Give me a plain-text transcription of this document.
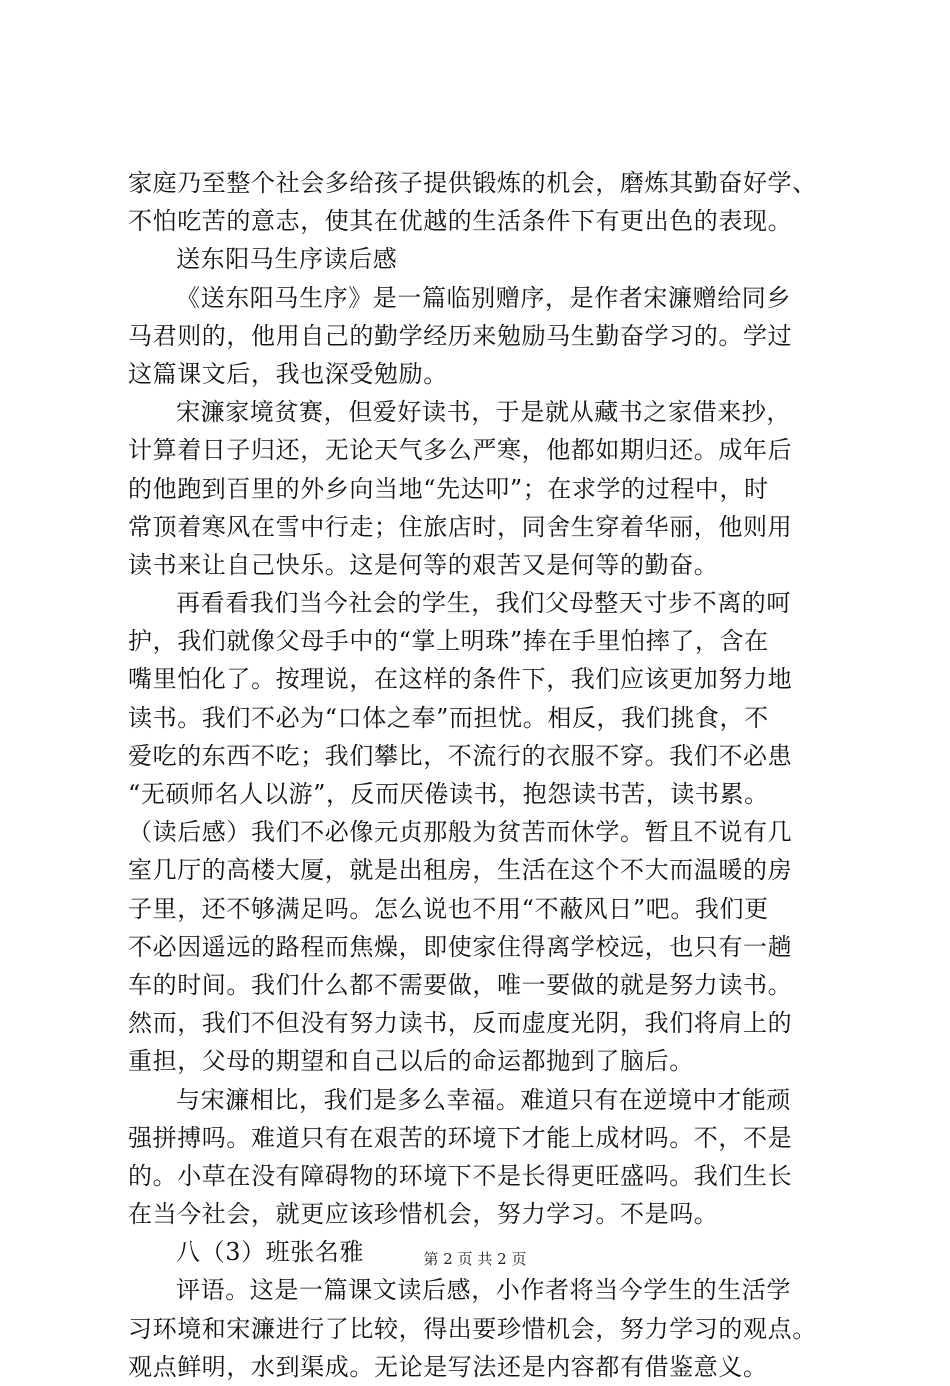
家庭乃至整个社会多给孩子提供锻炼的机会，磨炼其勤奋好学、
不怕吃苦的意志，使其在优越的生活条件下有更出色的表现。
送东阳马生序读后感
《送东阳马生序》是一篇临别赠序，是作者宋濂赠给同乡
马君则的，他用自己的勤学经历来勉励马生勤奋学习的。学过
这篇课文后，我也深受勉励。
宋濂家境贫赛，但爱好读书，于是就从藏书之家借来抄，
计算着日子归还，无论天气多么严寒，他都如期归还。成年后
的他跑到百里的外乡向当地“先达叩”；在求学的过程中，时
常顶着寒风在雪中行走；住旅店时，同舍生穿着华丽，他则用
读书来让自己快乐。这是何等的艰苦又是何等的勤奋。
再看看我们当今社会的学生，我们父母整天寸步不离的呵
护，我们就像父母手中的“掌上明珠”捧在手里怕摔了，含在
嘴里怕化了。按理说，在这样的条件下，我们应该更加努力地
读书。我们不必为“口体之奉”而担忧。相反，我们挑食，不
爱吃的东西不吃；我们攀比，不流行的衣服不穿。我们不必患
“无硕师名人以游”，反而厌倦读书，抱怨读书苦，读书累。
（读后感）我们不必像元贞那般为贫苦而休学。暂且不说有几
室几厅的高楼大厦，就是出租房，生活在这个不大而温暖的房
子里，还不够满足吗。怎么说也不用“不蔽风日”吧。我们更
不必因遥远的路程而焦燥，即使家住得离学校远，也只有一趟
车的时间。我们什么都不需要做，唯一要做的就是努力读书。
然而，我们不但没有努力读书，反而虚度光阴，我们将肩上的
重担，父母的期望和自己以后的命运都抛到了脑后。
与宋濂相比，我们是多么幸福。难道只有在逆境中才能顽
强拼搏吗。难道只有在艰苦的环境下才能上成材吗。不，不是
的。小草在没有障碍物的环境下不是长得更旺盛吗。我们生长
在当今社会，就更应该珍惜机会，努力学习。不是吗。
八（3）班张名雅
评语。这是一篇课文读后感，小作者将当今学生的生活学
习环境和宋濂进行了比较，得出要珍惜机会，努力学习的观点。
观点鲜明，水到渠成。无论是写法还是内容都有借鉴意义。
第 2 页 共 2 页
